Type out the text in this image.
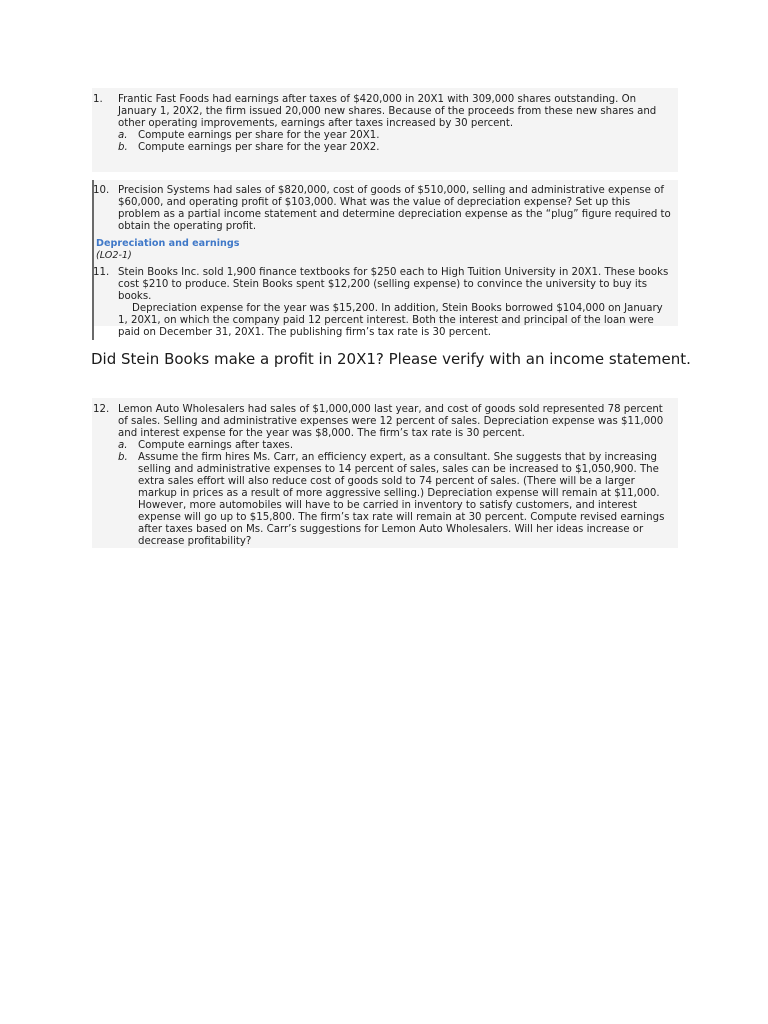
1. Frantic Fast Foods had earnings after taxes of $420,000 in 20X1 with 309,000 shares outstanding. On January 1, 20X2, the firm issued 20,000 new shares. Because of the proceeds from these new shares and other operating improvements, earnings after taxes increased by 30 percent.

a. Compute earnings per share for the year 20X1.

b. Compute earnings per share for the year 20X2.

10. Precision Systems had sales of $820,000, cost of goods of $510,000, selling and administrative expense of $60,000, and operating profit of $103,000. What was the value of depreciation expense? Set up this problem as a partial income statement and determine depreciation expense as the “plug” figure required to obtain the operating profit.

Depreciation and earnings
(LO2-1)
11. Stein Books Inc. sold 1,900 finance textbooks for $250 each to High Tuition University in 20X1. These books cost $210 to produce. Stein Books spent $12,200 (selling expense) to convince the university to buy its books.

Depreciation expense for the year was $15,200. In addition, Stein Books borrowed $104,000 on January 1, 20X1, on which the company paid 12 percent interest. Both the interest and principal of the loan were paid on December 31, 20X1. The publishing firm’s tax rate is 30 percent.

Did Stein Books make a profit in 20X1? Please verify with an income statement.
12. Lemon Auto Wholesalers had sales of $1,000,000 last year, and cost of goods sold represented 78 percent of sales. Selling and administrative expenses were 12 percent of sales. Depreciation expense was $11,000 and interest expense for the year was $8,000. The firm’s tax rate is 30 percent.

a. Compute earnings after taxes.

b. Assume the firm hires Ms. Carr, an efficiency expert, as a consultant. She suggests that by increasing selling and administrative expenses to 14 percent of sales, sales can be increased to $1,050,900. The extra sales effort will also reduce cost of goods sold to 74 percent of sales. (There will be a larger markup in prices as a result of more aggressive selling.) Depreciation expense will remain at $11,000. However, more automobiles will have to be carried in inventory to satisfy customers, and interest expense will go up to $15,800. The firm’s tax rate will remain at 30 percent. Compute revised earnings after taxes based on Ms. Carr’s suggestions for Lemon Auto Wholesalers. Will her ideas increase or decrease profitability?
